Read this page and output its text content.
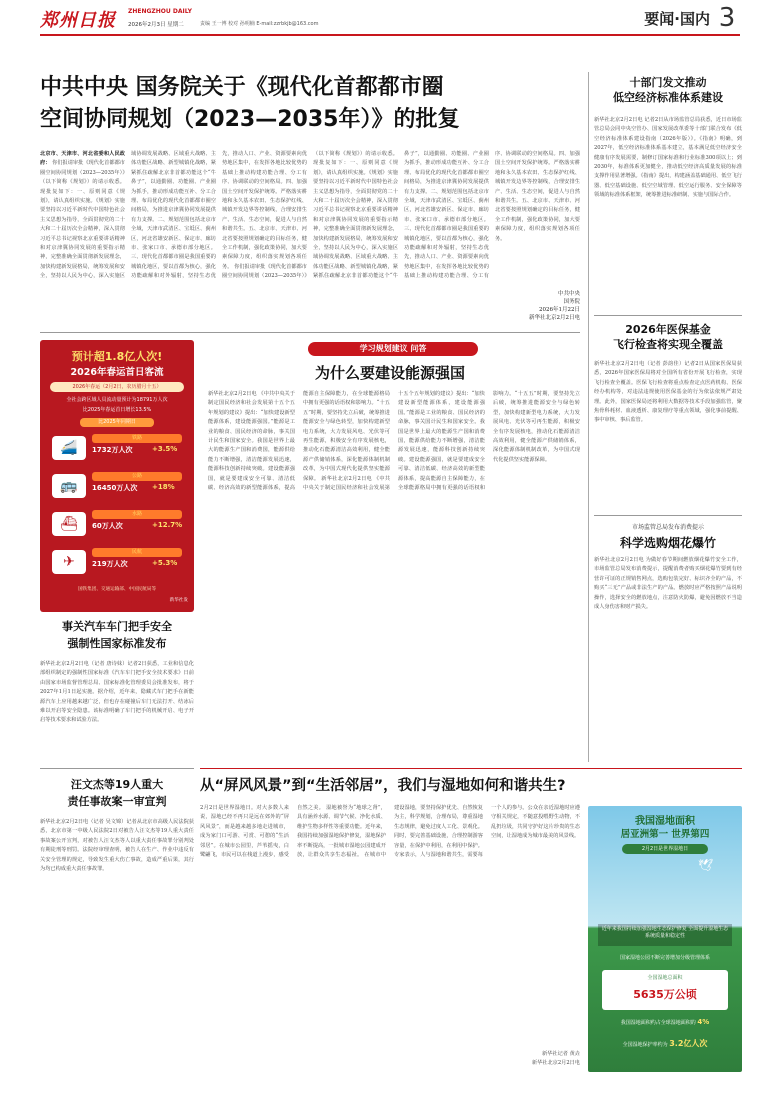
郑州日报	ZHENGZHOU DAILY
2026年2月3日 星期二	责编 王一博 校对 孙明楠 E-mail:zzrbkjb@163.com	要闻·国内 3
中共中央 国务院关于《现代化首都都市圈
空间协同规划（2023—2035年）》的批复
北京市、天津市、河北省委和人民政府： 你们报请审批《现代化首都都市圈空间协同规划（2023—2035年）》（以下简称《规划》）的请示收悉。现批复如下：一、原则同意《规划》，请认真组织实施。《规划》实施要坚持以习近平新时代中国特色社会主义思想为指导，全面贯彻党的二十大和二十届历次全会精神，深入贯彻习近平总书记视察北京重要讲话精神和对京津冀协同发展的重要指示精神，完整准确全面贯彻新发展理念，加快构建新发展格局，统筹发展和安全，坚持以人民为中心，深入实施区域协调发展战略、区域重大战略、主体功能区战略、新型城镇化战略，紧紧抓住疏解北京非首都功能这个“牛鼻子”，以通勤圈、功能圈、产业圈为抓手，推动形成功能互补、分工合理、布局优化的现代化首都都市圈空间格局，为推进京津冀协同发展提供有力支撑。二、规划范围包括北京市全域，天津市武清区、宝坻区、蓟州区，河北省雄安新区、保定市、廊坊市、张家口市、承德市部分地区。三、现代化首都都市圈是我国重要的城镇化地区，要以首都为核心，强化功能疏解和对外辐射，坚持生态优先，推动人口、产业、资源要素向优势地区集中，在发挥各地比较优势的基础上推动构建功能合理、分工有序、协调联动的空间格局。四、加强国土空间开发保护统筹。严格落实耕地和永久基本农田、生态保护红线、城镇开发边界等控制线，合理安排生产、生活、生态空间，促进人与自然和谐共生。五、北京市、天津市、河北省要按照规划确定的目标任务，健全工作机制，强化政策协同，加大要素保障力度，组织落实规划各项任务。 你们报请审批《现代化首都都市圈空间协同规划（2023—2035年）》（以下简称《规划》）的请示收悉。现批复如下：一、原则同意《规划》，请认真组织实施。《规划》实施要坚持以习近平新时代中国特色社会主义思想为指导，全面贯彻党的二十大和二十届历次全会精神，深入贯彻习近平总书记视察北京重要讲话精神和对京津冀协同发展的重要指示精神，完整准确全面贯彻新发展理念，加快构建新发展格局，统筹发展和安全，坚持以人民为中心，深入实施区域协调发展战略、区域重大战略、主体功能区战略、新型城镇化战略，紧紧抓住疏解北京非首都功能这个“牛鼻子”，以通勤圈、功能圈、产业圈为抓手，推动形成功能互补、分工合理、布局优化的现代化首都都市圈空间格局，为推进京津冀协同发展提供有力支撑。二、规划范围包括北京市全域，天津市武清区、宝坻区、蓟州区，河北省雄安新区、保定市、廊坊市、张家口市、承德市部分地区。三、现代化首都都市圈是我国重要的城镇化地区，要以首都为核心，强化功能疏解和对外辐射，坚持生态优先，推动人口、产业、资源要素向优势地区集中，在发挥各地比较优势的基础上推动构建功能合理、分工有序、协调联动的空间格局。四、加强国土空间开发保护统筹。严格落实耕地和永久基本农田、生态保护红线、城镇开发边界等控制线，合理安排生产、生活、生态空间，促进人与自然和谐共生。五、北京市、天津市、河北省要按照规划确定的目标任务，健全工作机制，强化政策协同，加大要素保障力度，组织落实规划各项任务。
中共中央
国务院
2026年1月22日
新华社北京2月2日电
十部门发文推动
低空经济标准体系建设
新华社北京2月2日电 记者2日从市场监管总局获悉，近日市场监管总局会同中央空管办、国家发展改革委等十部门联合发布《低空经济标准体系建设指南（2026年版）》。《指南》明确，到2027年，低空经济标准体系基本建立，基本满足低空经济安全健康有序发展需要，制修订国家标准和行业标准300项以上；到2030年，标准体系更加健全，推动低空经济高质量发展的标准支撑作用显著增强。《指南》提出，构建涵盖基础通用、低空飞行器、低空基础设施、低空空域管理、低空运行服务、安全保障等领域的标准体系框架，统筹推进标准研制、实施与国际合作。
2026年医保基金
飞行检查将实现全覆盖
新华社北京2月2日电（记者 彭韵佳）记者2日从国家医保局获悉，2026年国家医保局将对全国所有省份开展飞行检查，实现飞行检查全覆盖。医保飞行检查将重点检查定点医药机构、医保经办机构等，对违法违规使用医保基金的行为依法依规严肃处理。此外，国家医保局还将利用大数据等技术手段加强监管，聚焦骨科耗材、血液透析、康复理疗等重点领域，强化事前提醒、事中审核、事后监管。
市场监管总局发布消费提示
科学选购烟花爆竹
新华社北京2月2日电 为做好春节期间燃放烟花爆竹安全工作，市场监管总局发布消费提示，提醒消费者购买烟花爆竹要到有经营许可证的正规销售网点，选购包装完好、标识齐全的产品，不购买“三无”产品或非法生产的产品。燃放时应严格按照产品说明操作，选择安全的燃放地点，注意防火防爆，避免因燃放不当造成人身伤害和财产损失。
学习规划建议 问答
为什么要建设能源强国
新华社北京2月2日电 《中共中央关于制定国民经济和社会发展第十五个五年规划的建议》提出：“加快建设新型能源体系，建设能源强国。”能源是工业的粮食、国民经济的命脉，事关国计民生和国家安全。我国是世界上最大的能源生产国和消费国，能源供给能力不断增强，清洁能源发展迅速，能源科技创新持续突破。建设能源强国，就是要建成安全可靠、清洁低碳、经济高效的新型能源体系，提高能源自主保障能力，在全球能源格局中拥有更强的话语权和影响力。“十五五”时期，要坚持先立后破，统筹推进能源安全与绿色转型，加快构建新型电力系统，大力发展风电、光伏等可再生能源，积极安全有序发展核电，推动化石能源清洁高效利用，健全能源产供储销体系，深化能源体制机制改革，为中国式现代化提供坚实能源保障。 新华社北京2月2日电 《中共中央关于制定国民经济和社会发展第十五个五年规划的建议》提出：“加快建设新型能源体系，建设能源强国。”能源是工业的粮食、国民经济的命脉，事关国计民生和国家安全。我国是世界上最大的能源生产国和消费国，能源供给能力不断增强，清洁能源发展迅速，能源科技创新持续突破。建设能源强国，就是要建成安全可靠、清洁低碳、经济高效的新型能源体系，提高能源自主保障能力，在全球能源格局中拥有更强的话语权和影响力。“十五五”时期，要坚持先立后破，统筹推进能源安全与绿色转型，加快构建新型电力系统，大力发展风电、光伏等可再生能源，积极安全有序发展核电，推动化石能源清洁高效利用，健全能源产供储销体系，深化能源体制机制改革，为中国式现代化提供坚实能源保障。
预计超1.8亿人次!
2026年春运首日客流
2026年春运（2月2日，农历腊月十五）
全社会跨区域人员流动量预计为18791万人次
比2025年春运首日增长13.5%
比2025年同期日
🚄
铁路
1732万人次	+3.5%
🚌
公路
16450万人次	+18%
⛴
水路
60万人次	+12.7%
✈
民航
219万人次	+5.3%
国铁集团、交通运输部、中国民航局等
新华社发
事关汽车车门把手安全
强制性国家标准发布
新华社北京2月2日电（记者 唐诗妹）记者2日获悉，工业和信息化部组织制定的强制性国家标准《汽车车门把手安全技术要求》日前由国家市场监督管理总局、国家标准化管理委员会批准发布，将于2027年1月1日起实施。据介绍，近年来，隐藏式车门把手在新能源汽车上应用越来越广泛，但也存在碰撞后车门无法打开、结冰后难以开启等安全隐患。该标准明确了车门把手的机械开启、电子开启等技术要求和试验方法。
汪文杰等19人重大
责任事故案一审宣判
新华社北京2月2日电（记者 吴文锦）记者从北京市高级人民法院获悉，北京市第一中级人民法院2日对被告人汪文杰等19人重大责任事故案公开宣判，对被告人汪文杰等人以重大责任事故罪分别判处有期徒刑等刑罚。法院经审理查明，被告人在生产、作业中违反有关安全管理的规定，导致发生重大伤亡事故，造成严重后果，其行为均已构成重大责任事故罪。
从“屏风风景”到“生活邻居”，我们与湿地如何和谐共生?
2月2日是世界湿地日。对大多数人来说，湿地已经不再只是远在郊外的“屏风风景”，而是越来越多地走进城市，成为家门口可游、可赏、可憩的“生活邻居”。在城市公园里，芦苇摇曳，白鹭翩飞，市民可以在栈道上漫步，感受自然之美。 湿地被誉为“地球之肾”，具有涵养水源、调节气候、净化水质、维护生物多样性等重要功能。近年来，我国持续加强湿地保护修复，湿地保护率不断提高，一批城市湿地公园建成开放，让群众共享生态福祉。 在城市中建设湿地，要坚持保护优先、自然恢复为主，科学规划，合理布局，尊重湿地生态规律，避免过度人工化、景观化。同时，要完善基础设施，合理控制游客容量，在保护中利用，在利用中保护。 专家表示，人与湿地和谐共生，需要每一个人的参与。公众在亲近湿地时应遵守相关规定，不随意投喂野生动物，不乱扔垃圾，共同守护好这片珍贵的生态空间，让湿地成为城市最美的风景线。
新华社记者 黄垚
新华社北京2月2日电
我国湿地面积
居亚洲第一 世界第四
2月2日是世界湿地日
🕊
近年来我国持续加强湿地生态保护修复 全面提升湿地生态系统质量和稳定性
国家湿地公园不断完善增加分级管理体系
全国湿地总面积
5635万公顷
我国湿地面积约占全球湿地面积的 4%
全国湿地保护率约为 3.2亿人次
